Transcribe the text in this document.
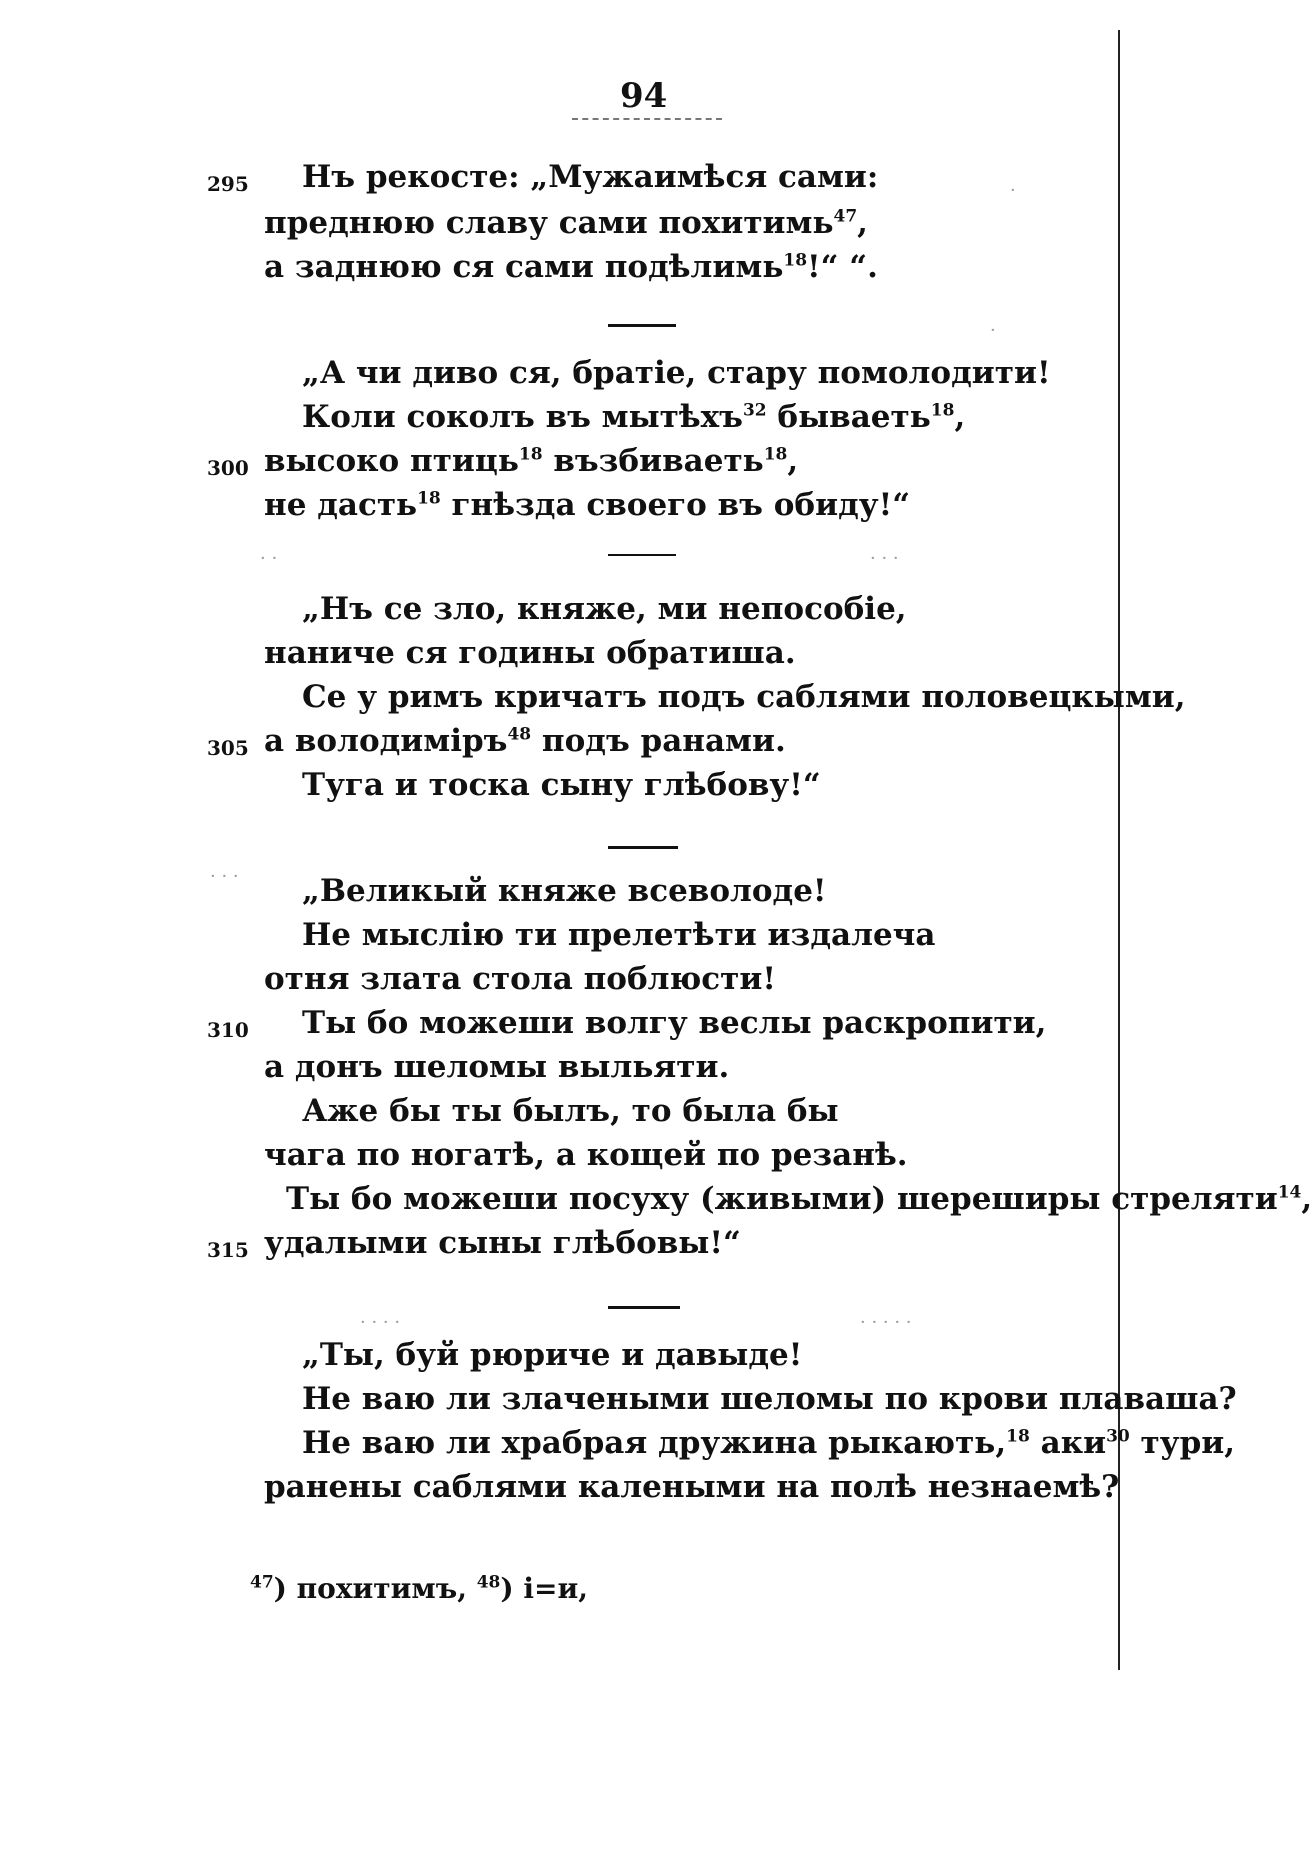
94
295 Нъ рекосте: „Мужаимѣся сами:
преднюю славу сами похитимь$^{47}$,
а заднюю ся сами подѣлимь$^{18}$!“ “.
„А чи диво ся, братіе, стару помолодити!
Коли соколъ въ мытѣхъ$^{32}$ бываеть$^{18}$,
300 высоко птиць$^{18}$ възбиваеть$^{18}$,
не дасть$^{18}$ гнѣзда своего въ обиду!“
„Нъ се зло, княже, ми непособіе,
наниче ся годины обратиша.
Се у римъ кричатъ подъ саблями половецкыми,
305 а володиміръ$^{48}$ подъ ранами.
Туга и тоска сыну глѣбову!“
„Великый княже всеволоде!
Не мыслію ти прелетѣти издалеча
отня злата стола поблюсти!
310 Ты бо можеши волгу веслы раскропити,
а донъ шеломы выльяти.
Аже бы ты былъ, то была бы
чага по ногатѣ, а кощей по резанѣ.
Ты бо можеши посуху (живыми) шереширы стреляти$^{14}$,
315 удалыми сыны глѣбовы!“
„Ты, буй рюриче и давыде!
Не ваю ли злачеными шеломы по крови плаваша?
Не ваю ли храбрая дружина рыкають,$^{18}$ аки$^{30}$ тури,
ранены саблями калеными на полѣ незнаемѣ?
$^{47}$) похитимъ, $^{48}$) і=и,
·
·
· ·	· · ·
· · ·
· · · ·	· · · · ·
